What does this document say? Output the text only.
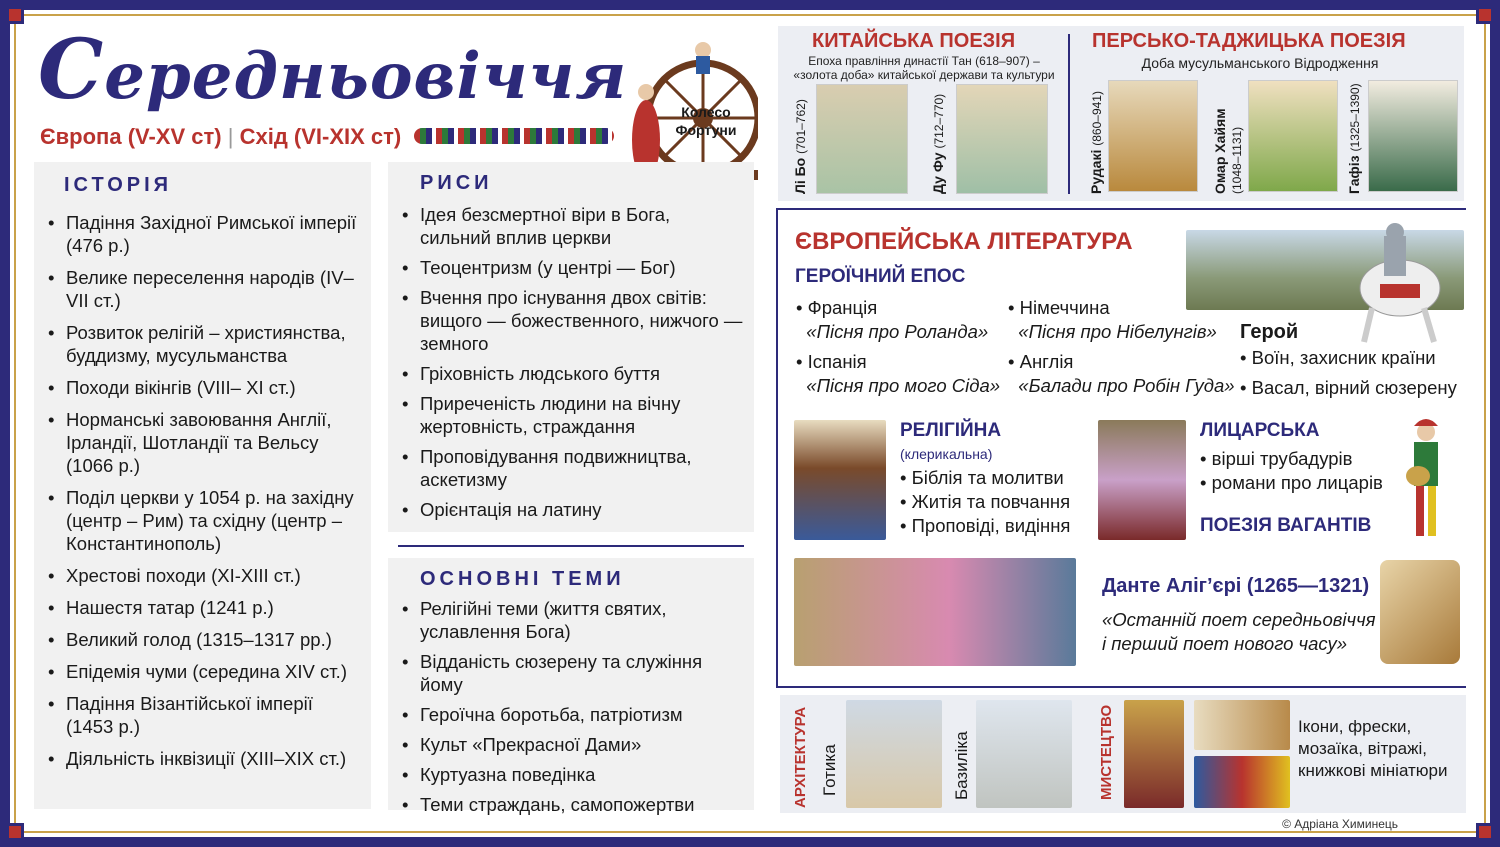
Середньовіччя
Європа (V-XV ст) | Схід (VI-XIX ст)
Колесо Фортуни
ІСТОРІЯ
• Падіння Західної Римської імперії (476 р.)
• Велике переселення народів (IV–VII ст.)
• Розвиток релігій – християнства, буддизму, мусульманства
• Походи вікінгів (VIII– XI ст.)
• Норманські завоювання Англії, Ірландії, Шотландії та Вельсу (1066 р.)
• Поділ церкви у 1054 р. на західну (центр – Рим) та східну (центр – Константинополь)
• Хрестові походи (XI-XIII ст.)
• Нашестя татар (1241 р.)
• Великий голод (1315–1317 рр.)
• Епідемія чуми (середина XIV ст.)
• Падіння Візантійської імперії (1453 р.)
• Діяльність інквізиції (XIII–XIX ст.)
РИСИ
• Ідея безсмертної віри в Бога, сильний вплив церкви
• Теоцентризм (у центрі — Бог)
• Вчення про існування двох світів: вищого — божественного, нижчого — земного
• Гріховність людського буття
• Приреченість людини на вічну жертовність, страждання
• Проповідування подвижництва, аскетизму
• Орієнтація на латину
ОСНОВНІ ТЕМИ
• Релігійні теми (життя святих, уславлення Бога)
• Відданість сюзерену та служіння йому
• Героїчна боротьба, патріотизм
• Культ «Прекрасної Дами»
• Куртуазна поведінка
• Теми страждань, самопожертви
КИТАЙСЬКА ПОЕЗІЯ
Епоха правління династії Тан (618–907) –
«золота доба» китайської держави та культури
ПЕРСЬКО-ТАДЖИЦЬКА ПОЕЗІЯ
Доба мусульманського Відродження
Лі Бо (701–762)
Ду Фу (712–770)
Рудакі (860–941)	Омар Хайям (1048–1131)	Гафіз (1325–1390)
ЄВРОПЕЙСЬКА ЛІТЕРАТУРА
ГЕРОЇЧНИЙ ЕПОС
• Франція
«Пісня про Роланда»
• Іспанія
«Пісня про мого Сіда»
• Німеччина
«Пісня про Нібелунгів»
• Англія
«Балади про Робін Гуда»
Герой
• Воїн, захисник країни
• Васал, вірний сюзерену
РЕЛІГІЙНА
(клерикальна)
• Біблія та молитви
• Житія та повчання
• Проповіді, видіння
ЛИЦАРСЬКА
• вірші трубадурів
• романи про лицарів
ПОЕЗІЯ ВАГАНТІВ
Данте Аліг’єрі (1265—1321)
«Останній поет середньовіччя
і перший поет нового часу»
АРХІТЕКТУРА Готика	Базиліка	МИСТЕЦТВО	Ікони, фрески,
мозаїка, вітражі,
книжкові мініатюри
© Адріана Химинець
